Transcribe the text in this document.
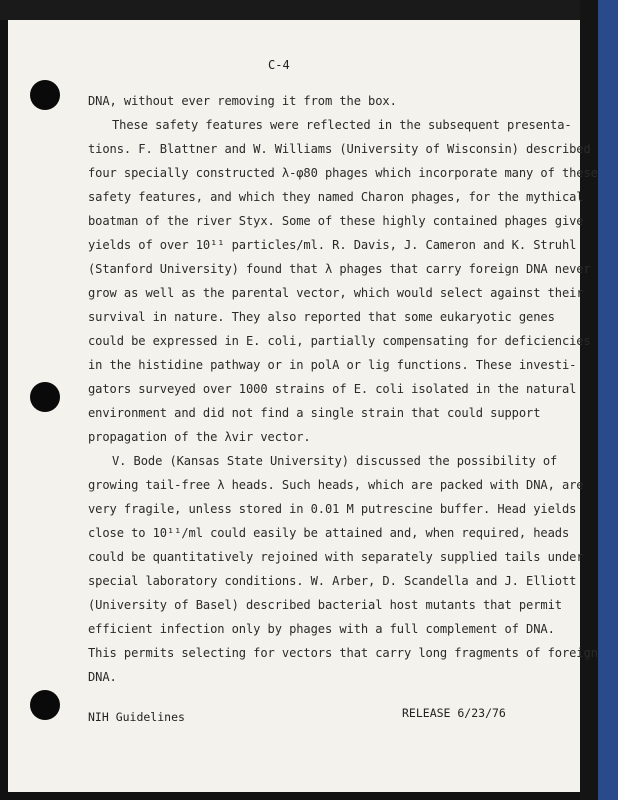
C-4
DNA, without ever removing it from the box.
These safety features were reflected in the subsequent presenta-
tions. F. Blattner and W. Williams (University of Wisconsin) described
four specially constructed λ-φ80 phages which incorporate many of these
safety features, and which they named Charon phages, for the mythical
boatman of the river Styx. Some of these highly contained phages give
yields of over 10¹¹ particles/ml. R. Davis, J. Cameron and K. Struhl
(Stanford University) found that λ phages that carry foreign DNA never
grow as well as the parental vector, which would select against their
survival in nature. They also reported that some eukaryotic genes
could be expressed in E. coli, partially compensating for deficiencies
in the histidine pathway or in polA or lig functions. These investi-
gators surveyed over 1000 strains of E. coli isolated in the natural
environment and did not find a single strain that could support
propagation of the λvir vector.
V. Bode (Kansas State University) discussed the possibility of
growing tail-free λ heads. Such heads, which are packed with DNA, are
very fragile, unless stored in 0.01 M putrescine buffer. Head yields
close to 10¹¹/ml could easily be attained and, when required, heads
could be quantitatively rejoined with separately supplied tails under
special laboratory conditions. W. Arber, D. Scandella and J. Elliott
(University of Basel) described bacterial host mutants that permit
efficient infection only by phages with a full complement of DNA.
This permits selecting for vectors that carry long fragments of foreign
DNA.
NIH Guidelines	RELEASE 6/23/76
